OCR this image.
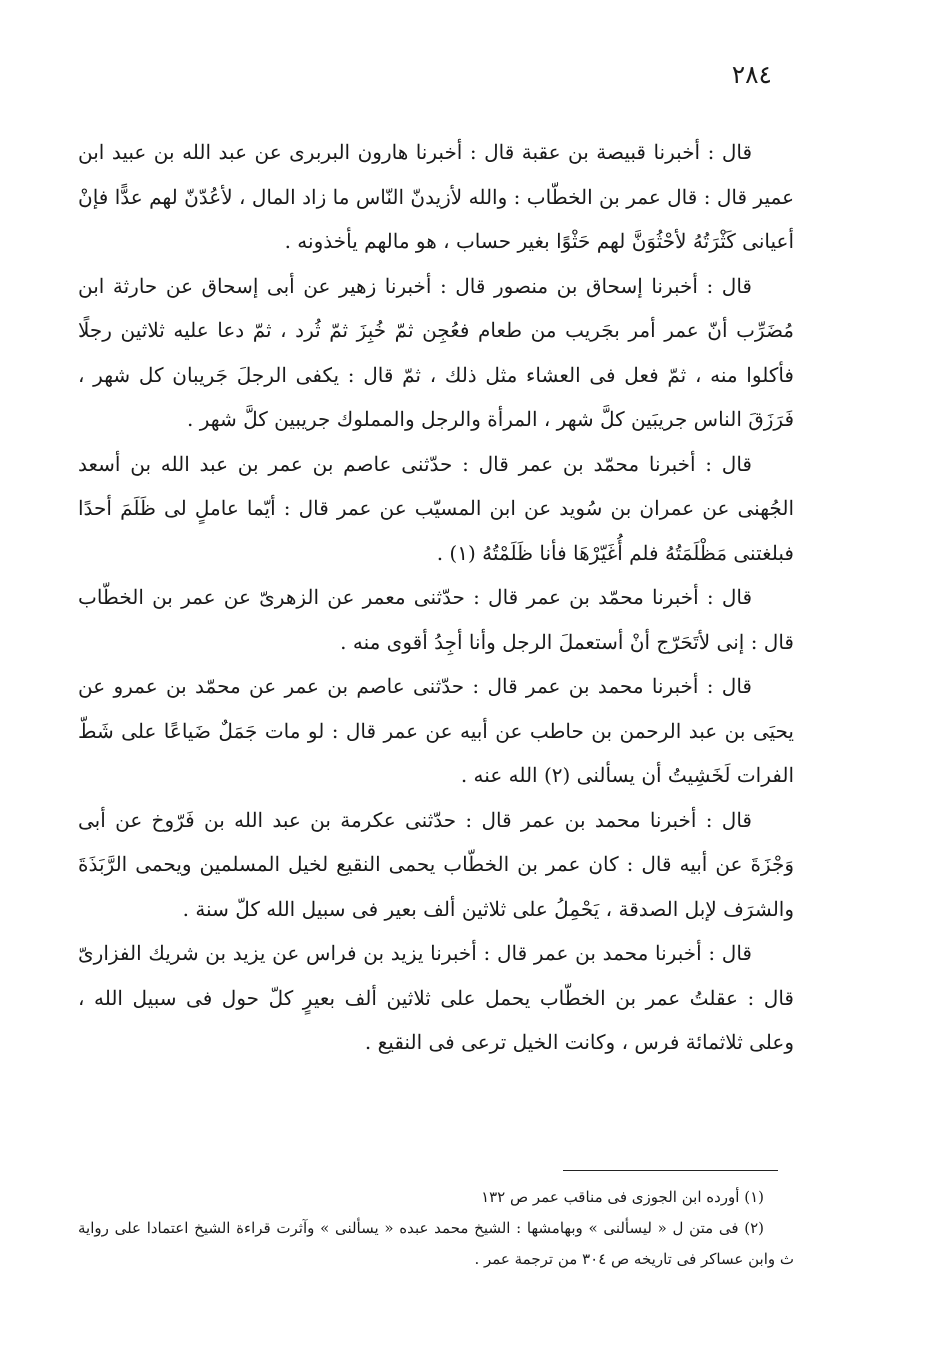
٢٨٤

قال : أخبرنا قبيصة بن عقبة قال : أخبرنا هارون البربرى عن عبد الله بن عبيد ابن عمير قال : قال عمر بن الخطّاب : والله لأزيدنّ النّاس ما زاد المال ، لأعُدّنّ لهم عدًّا فإنْ أعيانى كَثْرَتُهُ لأحْثُوَنَّ لهم حَثْوًا بغير حساب ، هو مالهم يأخذونه .

قال : أخبرنا إسحاق بن منصور قال : أخبرنا زهير عن أبى إسحاق عن حارثة ابن مُضَرِّب أنّ عمر أمر بجَريب من طعام فعُجِن ثمّ خُبِزَ ثمّ ثُرد ، ثمّ دعا عليه ثلاثين رجلًا فأكلوا منه ، ثمّ فعل فى العشاء مثل ذلك ، ثمّ قال : يكفى الرجلَ جَريبان كل شهر ، فَرَزَقَ الناس جريبَين كلَّ شهر ، المرأة والرجل والمملوك جريبين كلَّ شهر .

قال : أخبرنا محمّد بن عمر قال : حدّثنى عاصم بن عمر بن عبد الله بن أسعد الجُهنى عن عمران بن سُويد عن ابن المسيّب عن عمر قال : أيّما عاملٍ لى ظَلَمَ أحدًا فبلغتنى مَظْلَمَتُهُ فلم أُغَيّرْهَا فأنا ظَلَمْتُهُ (١) .

قال : أخبرنا محمّد بن عمر قال : حدّثنى معمر عن الزهرىّ عن عمر بن الخطّاب قال : إنى لأتَحَرّج أنْ أستعملَ الرجل وأنا أجِدُ أقوى منه .

قال : أخبرنا محمد بن عمر قال : حدّثنى عاصم بن عمر عن محمّد بن عمرو عن يحيَى بن عبد الرحمن بن حاطب عن أبيه عن عمر قال : لو مات جَمَلٌ ضَياعًا على شَطّ الفرات لَخَشِيتُ أن يسألنى (٢) الله عنه .

قال : أخبرنا محمد بن عمر قال : حدّثنى عكرمة بن عبد الله بن فَرّوخ عن أبى وَجْزَةَ عن أبيه قال : كان عمر بن الخطّاب يحمى النقيع لخيل المسلمين ويحمى الرَّبَذَةَ والشرَف لإبل الصدقة ، يَحْمِلُ على ثلاثين ألف بعير فى سبيل الله كلّ سنة .

قال : أخبرنا محمد بن عمر قال : أخبرنا يزيد بن فراس عن يزيد بن شريك الفزارىّ قال : عقلتُ عمر بن الخطّاب يحمل على ثلاثين ألف بعيرٍ كلّ حول فى سبيل الله ، وعلى ثلاثمائة فرس ، وكانت الخيل ترعى فى النقيع .

(١) أورده ابن الجوزى فى مناقب عمر ص ١٣٢

(٢) فى متن ل « ليسألنى » وبهامشها : الشيخ محمد عبده « يسألنى » وآثرت قراءة الشيخ اعتمادا على رواية ث وابن عساكر فى تاريخه ص ٣٠٤ من ترجمة عمر .
